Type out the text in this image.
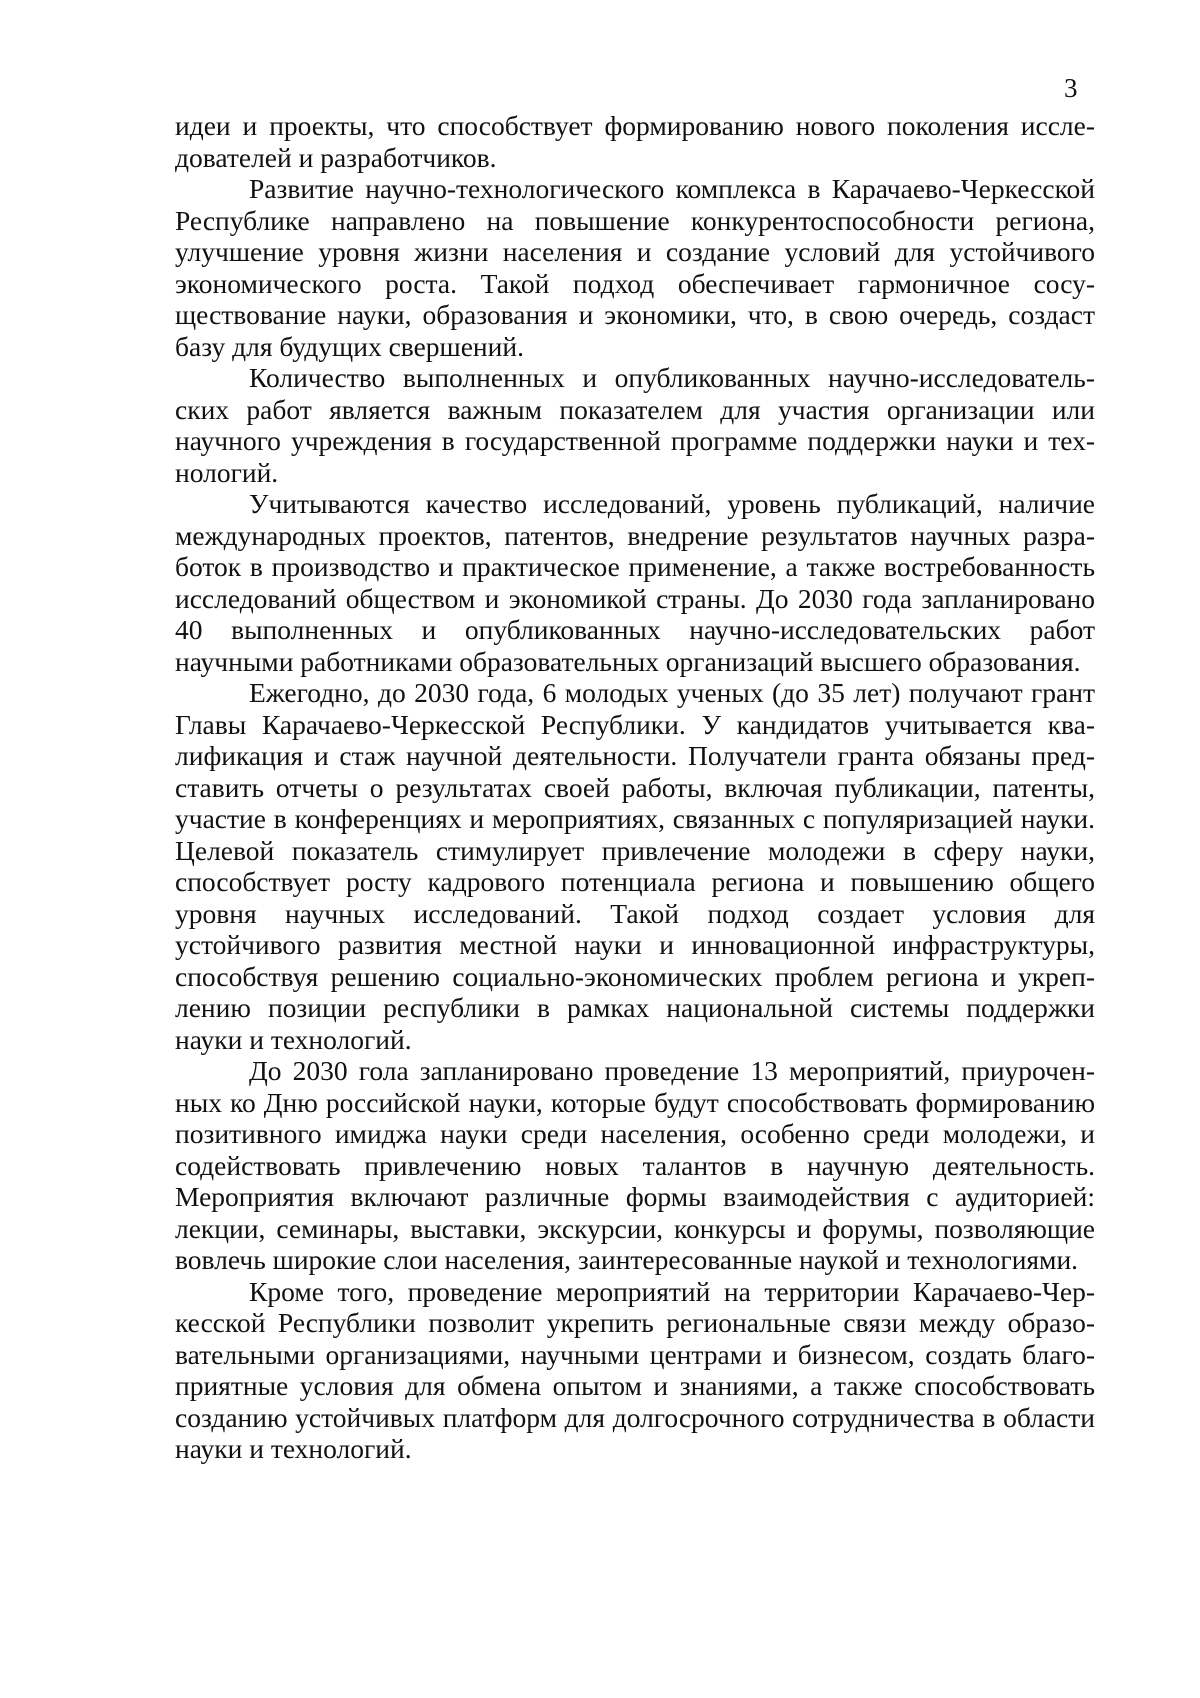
3

идеи и проекты, что способствует формированию нового поколения исследователей и разработчиков.

Развитие научно-технологического комплекса в Карачаево-Черкесской Республике направлено на повышение конкурентоспособности региона, улучшение уровня жизни населения и создание условий для устойчивого экономического роста. Такой подход обеспечивает гармоничное сосуществование науки, образования и экономики, что, в свою очередь, создаст базу для будущих свершений.

Количество выполненных и опубликованных научно-исследовательских работ является важным показателем для участия организации или научного учреждения в государственной программе поддержки науки и технологий.

Учитываются качество исследований, уровень публикаций, наличие международных проектов, патентов, внедрение результатов научных разработок в производство и практическое применение, а также востребованность исследований обществом и экономикой страны. До 2030 года запланировано 40 выполненных и опубликованных научно-исследовательских работ научными работниками образовательных организаций высшего образования.

Ежегодно, до 2030 года, 6 молодых ученых (до 35 лет) получают грант Главы Карачаево-Черкесской Республики. У кандидатов учитывается квалификация и стаж научной деятельности. Получатели гранта обязаны представить отчеты о результатах своей работы, включая публикации, патенты, участие в конференциях и мероприятиях, связанных с популяризацией науки. Целевой показатель стимулирует привлечение молодежи в сферу науки, способствует росту кадрового потенциала региона и повышению общего уровня научных исследований. Такой подход создает условия для устойчивого развития местной науки и инновационной инфраструктуры, способствуя решению социально-экономических проблем региона и укреплению позиции республики в рамках национальной системы поддержки науки и технологий.

До 2030 гола запланировано проведение 13 мероприятий, приуроченных ко Дню российской науки, которые будут способствовать формированию позитивного имиджа науки среди населения, особенно среди молодежи, и содействовать привлечению новых талантов в научную деятельность. Мероприятия включают различные формы взаимодействия с аудиторией: лекции, семинары, выставки, экскурсии, конкурсы и форумы, позволяющие вовлечь широкие слои населения, заинтересованные наукой и технологиями.

Кроме того, проведение мероприятий на территории Карачаево-Черкесской Республики позволит укрепить региональные связи между образовательными организациями, научными центрами и бизнесом, создать благоприятные условия для обмена опытом и знаниями, а также способствовать созданию устойчивых платформ для долгосрочного сотрудничества в области науки и технологий.
